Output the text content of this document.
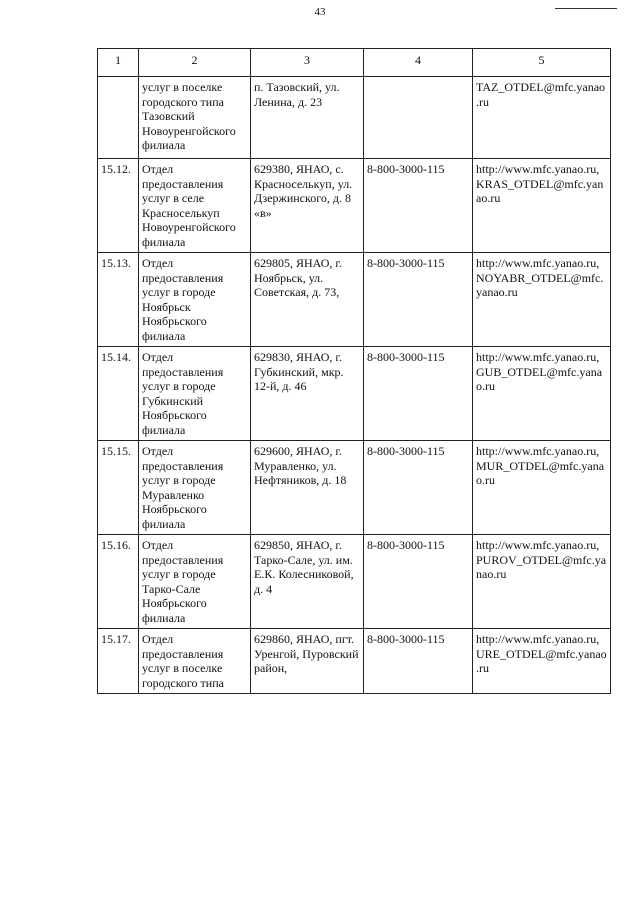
43
1	2	3	4	5
	услуг в поселке городского типа Тазовский Новоуренгойского филиала	п. Тазовский, ул. Ленина, д. 23		TAZ_OTDEL@mfc.yanao.ru
15.12.	Отдел предоставления услуг в селе Красноселькуп Новоуренгойского филиала	629380, ЯНАО, с. Красноселькуп, ул. Дзержинского, д. 8 «в»	8-800-3000-115	http://www.mfc.yanao.ru, KRAS_OTDEL@mfc.yanao.ru
15.13.	Отдел предоставления услуг в городе Ноябрьск Ноябрьского филиала	629805, ЯНАО, г. Ноябрьск, ул. Советская, д. 73,	8-800-3000-115	http://www.mfc.yanao.ru, NOYABR_OTDEL@mfc.yanao.ru
15.14.	Отдел предоставления услуг в городе Губкинский Ноябрьского филиала	629830, ЯНАО, г. Губкинский, мкр. 12-й, д. 46	8-800-3000-115	http://www.mfc.yanao.ru, GUB_OTDEL@mfc.yanao.ru
15.15.	Отдел предоставления услуг в городе Муравленко Ноябрьского филиала	629600, ЯНАО, г. Муравленко, ул. Нефтяников, д. 18	8-800-3000-115	http://www.mfc.yanao.ru, MUR_OTDEL@mfc.yanao.ru
15.16.	Отдел предоставления услуг в городе Тарко-Сале Ноябрьского филиала	629850, ЯНАО, г. Тарко-Сале, ул. им. Е.К. Колесниковой, д. 4	8-800-3000-115	http://www.mfc.yanao.ru, PUROV_OTDEL@mfc.yanao.ru
15.17.	Отдел предоставления услуг в поселке городского типа	629860, ЯНАО, пгт. Уренгой, Пуровский район,	8-800-3000-115	http://www.mfc.yanao.ru, URE_OTDEL@mfc.yanao.ru
